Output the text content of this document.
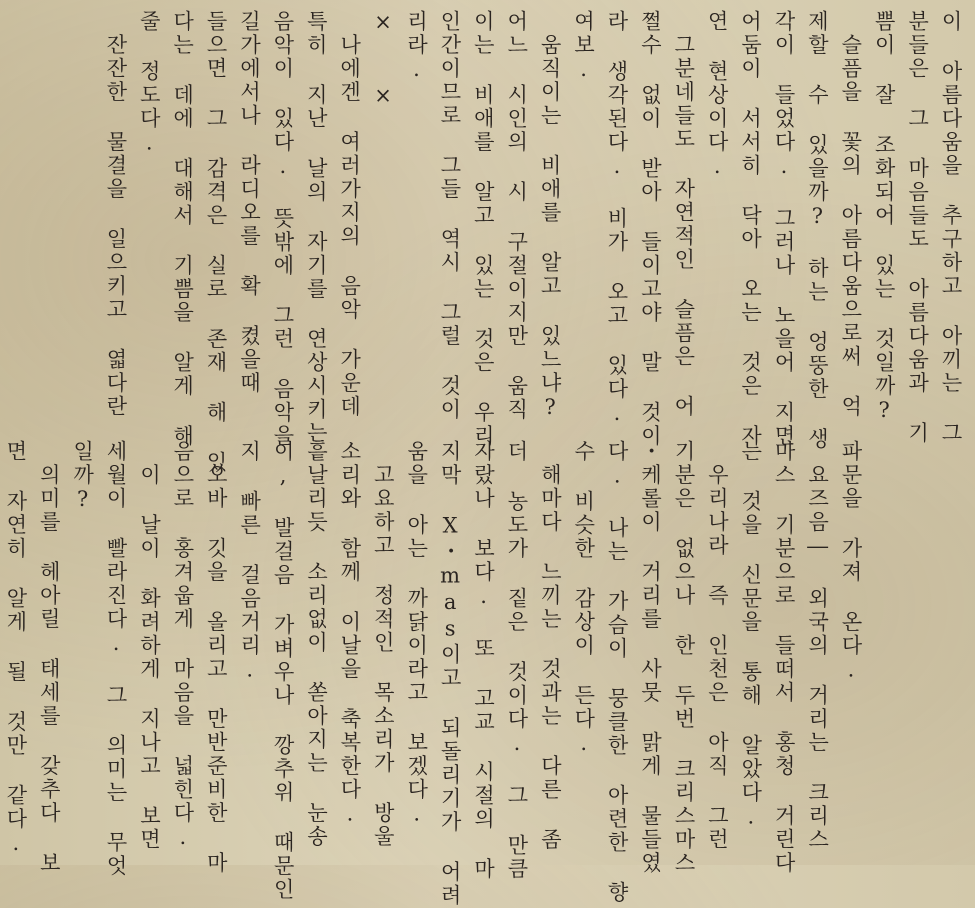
이 아름다움을 추구하고 아끼는 그
분들은 그 마음들도 아름다움과 기
쁨이 잘 조화되어 있는 것일까?
　슬픔을 꽃의 아름다움으로써 억
제할 수 있을까? 하는 엉뚱한 생
각이 들었다. 그러나 노을어 지면
어둠이 서서히 닥아 오는 것은 자
연 현상이다.
　그분네들도 자연적인 슬픔은 어
쩔수 없이 받아 들이고야 말 것이
라 생각된다. 비가 오고 있다.
여보.
　움직이는 비애를 알고 있느냐?
어느 시인의 시 구절이지만 움직
이는 비애를 알고 있는 것은 우리
인간이므로 그들 역시 그럴 것이
리라.
×　　×
　나에겐 여러가지의 음악 가운데
특히 지난 날의 자기를 연상시키는
음악이 있다. 뜻밖에 그런 음악을
길가에서나 라디오를 확 켰을때
들으면 그 감격은 실로 존재 해 있
다는 데에 대해서 기쁨을 알게 해
줄 정도다.
　잔잔한 물결을 일으키고 엷다란
파문을 가져 온다.
　요즈음― 외국의 거리는 크리스
마스 기분으로 들떠서 홍청 거린다
는 것을 신문을 통해 알았다.
　우리나라 즉 인천은 아직 그런
기분은 없으나 한 두번 크리스마스
・케롤이 거리를 사뭇 맑게 물들였
다. 나는 가슴이 뭉클한 아련한 향
수 비슷한 감상이 든다.
　해마다 느끼는 것과는 다른 좀
더 농도가 짙은 것이다. 그 만큼
자랐나 보다. 또 고교 시절의 마
지막 X・mas이고 되돌리기가 어려
움을 아는 까닭이라고 보겠다.
　고요하고 정적인 목소리가 방울
소리와 함께 이날을 축복한다.
흩날리듯 소리없이 쏟아지는 눈송
이, 발걸음 가벼우나 깡추위 때문인
지 빠른 걸음거리.
　오바 깃을 올리고 만반준비한 마
음으로 홍겨웁게 마음을 넓힌다.
　이 날이 화려하게 지나고 보면
세월이 빨라진다. 그 의미는 무엇
일까?
　의미를 헤아릴 태세를 갖추다 보
면 자연히 알게 될 것만 같다.
